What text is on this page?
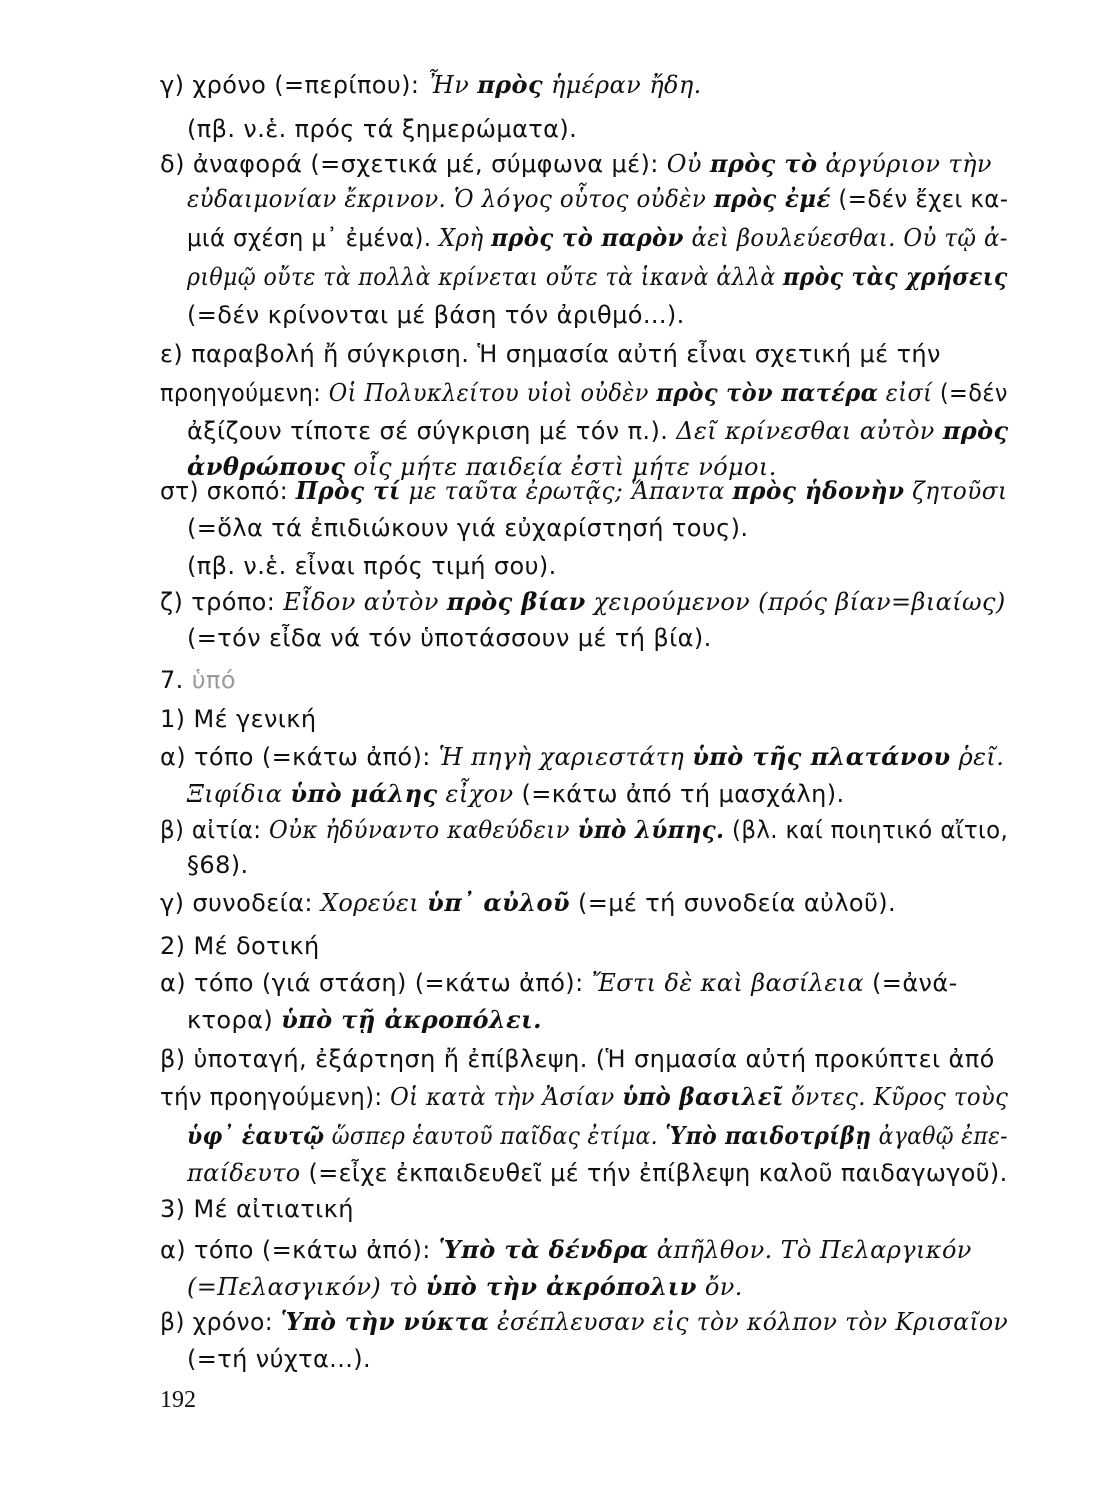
γ) χρόνο (=περίπου): Ἦν πρὸς ἡμέραν ἤδη.
(πβ. ν.ἑ. πρός τά ξημερώματα).
δ) ἀναφορά (=σχετικά μέ, σύμφωνα μέ): Οὐ πρὸς τὸ ἀργύριον τὴν
εὐδαιμονίαν ἔκρινον. Ὁ λόγος οὗτος οὐδὲν πρὸς ἐμέ (=δέν ἔχει κα-
μιά σχέση μ᾽ ἐμένα). Χρὴ πρὸς τὸ παρὸν ἀεὶ βουλεύεσθαι. Οὐ τῷ ἀ-
ριθμῷ οὔτε τὰ πολλὰ κρίνεται οὔτε τὰ ἱκανὰ ἀλλὰ πρὸς τὰς χρήσεις
(=δέν κρίνονται μέ βάση τόν ἀριθμό...).
ε) παραβολή ἤ σύγκριση. Ἡ σημασία αὐτή εἶναι σχετική μέ τήν
προηγούμενη: Οἱ Πολυκλείτου υἱοὶ οὐδὲν πρὸς τὸν πατέρα εἰσί (=δέν
ἀξίζουν τίποτε σέ σύγκριση μέ τόν π.). Δεῖ κρίνεσθαι αὐτὸν πρὸς
ἀνθρώπους οἷς μήτε παιδεία ἐστὶ μήτε νόμοι.
στ) σκοπό: Πρὸς τί με ταῦτα ἐρωτᾷς; Ἅπαντα πρὸς ἡδονὴν ζητοῦσι
(=ὅλα τά ἐπιδιώκουν γιά εὐχαρίστησή τους).
(πβ. ν.ἑ. εἶναι πρός τιμή σου).
ζ) τρόπο: Εἶδον αὐτὸν πρὸς βίαν χειρούμενον (πρός βίαν=βιαίως)
(=τόν εἶδα νά τόν ὑποτάσσουν μέ τή βία).
7. ὑπό
1) Μέ γενική
α) τόπο (=κάτω ἀπό): Ἡ πηγὴ χαριεστάτη ὑπὸ τῆς πλατάνου ῥεῖ.
Ξιφίδια ὑπὸ μάλης εἶχον (=κάτω ἀπό τή μασχάλη).
β) αἰτία: Οὐκ ἠδύναντο καθεύδειν ὑπὸ λύπης. (βλ. καί ποιητικό αἴτιο,
§68).
γ) συνοδεία: Χορεύει ὑπ᾽ αὐλοῦ (=μέ τή συνοδεία αὐλοῦ).
2) Μέ δοτική
α) τόπο (γιά στάση) (=κάτω ἀπό): Ἔστι δὲ καὶ βασίλεια (=ἀνά-
κτορα) ὑπὸ τῇ ἀκροπόλει.
β) ὑποταγή, ἐξάρτηση ἤ ἐπίβλεψη. (Ἡ σημασία αὐτή προκύπτει ἀπό
τήν προηγούμενη): Οἱ κατὰ τὴν Ἀσίαν ὑπὸ βασιλεῖ ὄντες. Κῦρος τοὺς
ὑφ᾽ ἑαυτῷ ὥσπερ ἑαυτοῦ παῖδας ἐτίμα. Ὑπὸ παιδοτρίβῃ ἀγαθῷ ἐπε-
παίδευτο (=εἶχε ἐκπαιδευθεῖ μέ τήν ἐπίβλεψη καλοῦ παιδαγωγοῦ).
3) Μέ αἰτιατική
α) τόπο (=κάτω ἀπό): Ὑπὸ τὰ δένδρα ἀπῆλθον. Τὸ Πελαργικόν
(=Πελασγικόν) τὸ ὑπὸ τὴν ἀκρόπολιν ὄν.
β) χρόνο: Ὑπὸ τὴν νύκτα ἐσέπλευσαν εἰς τὸν κόλπον τὸν Κρισαῖον
(=τή νύχτα...).
192
